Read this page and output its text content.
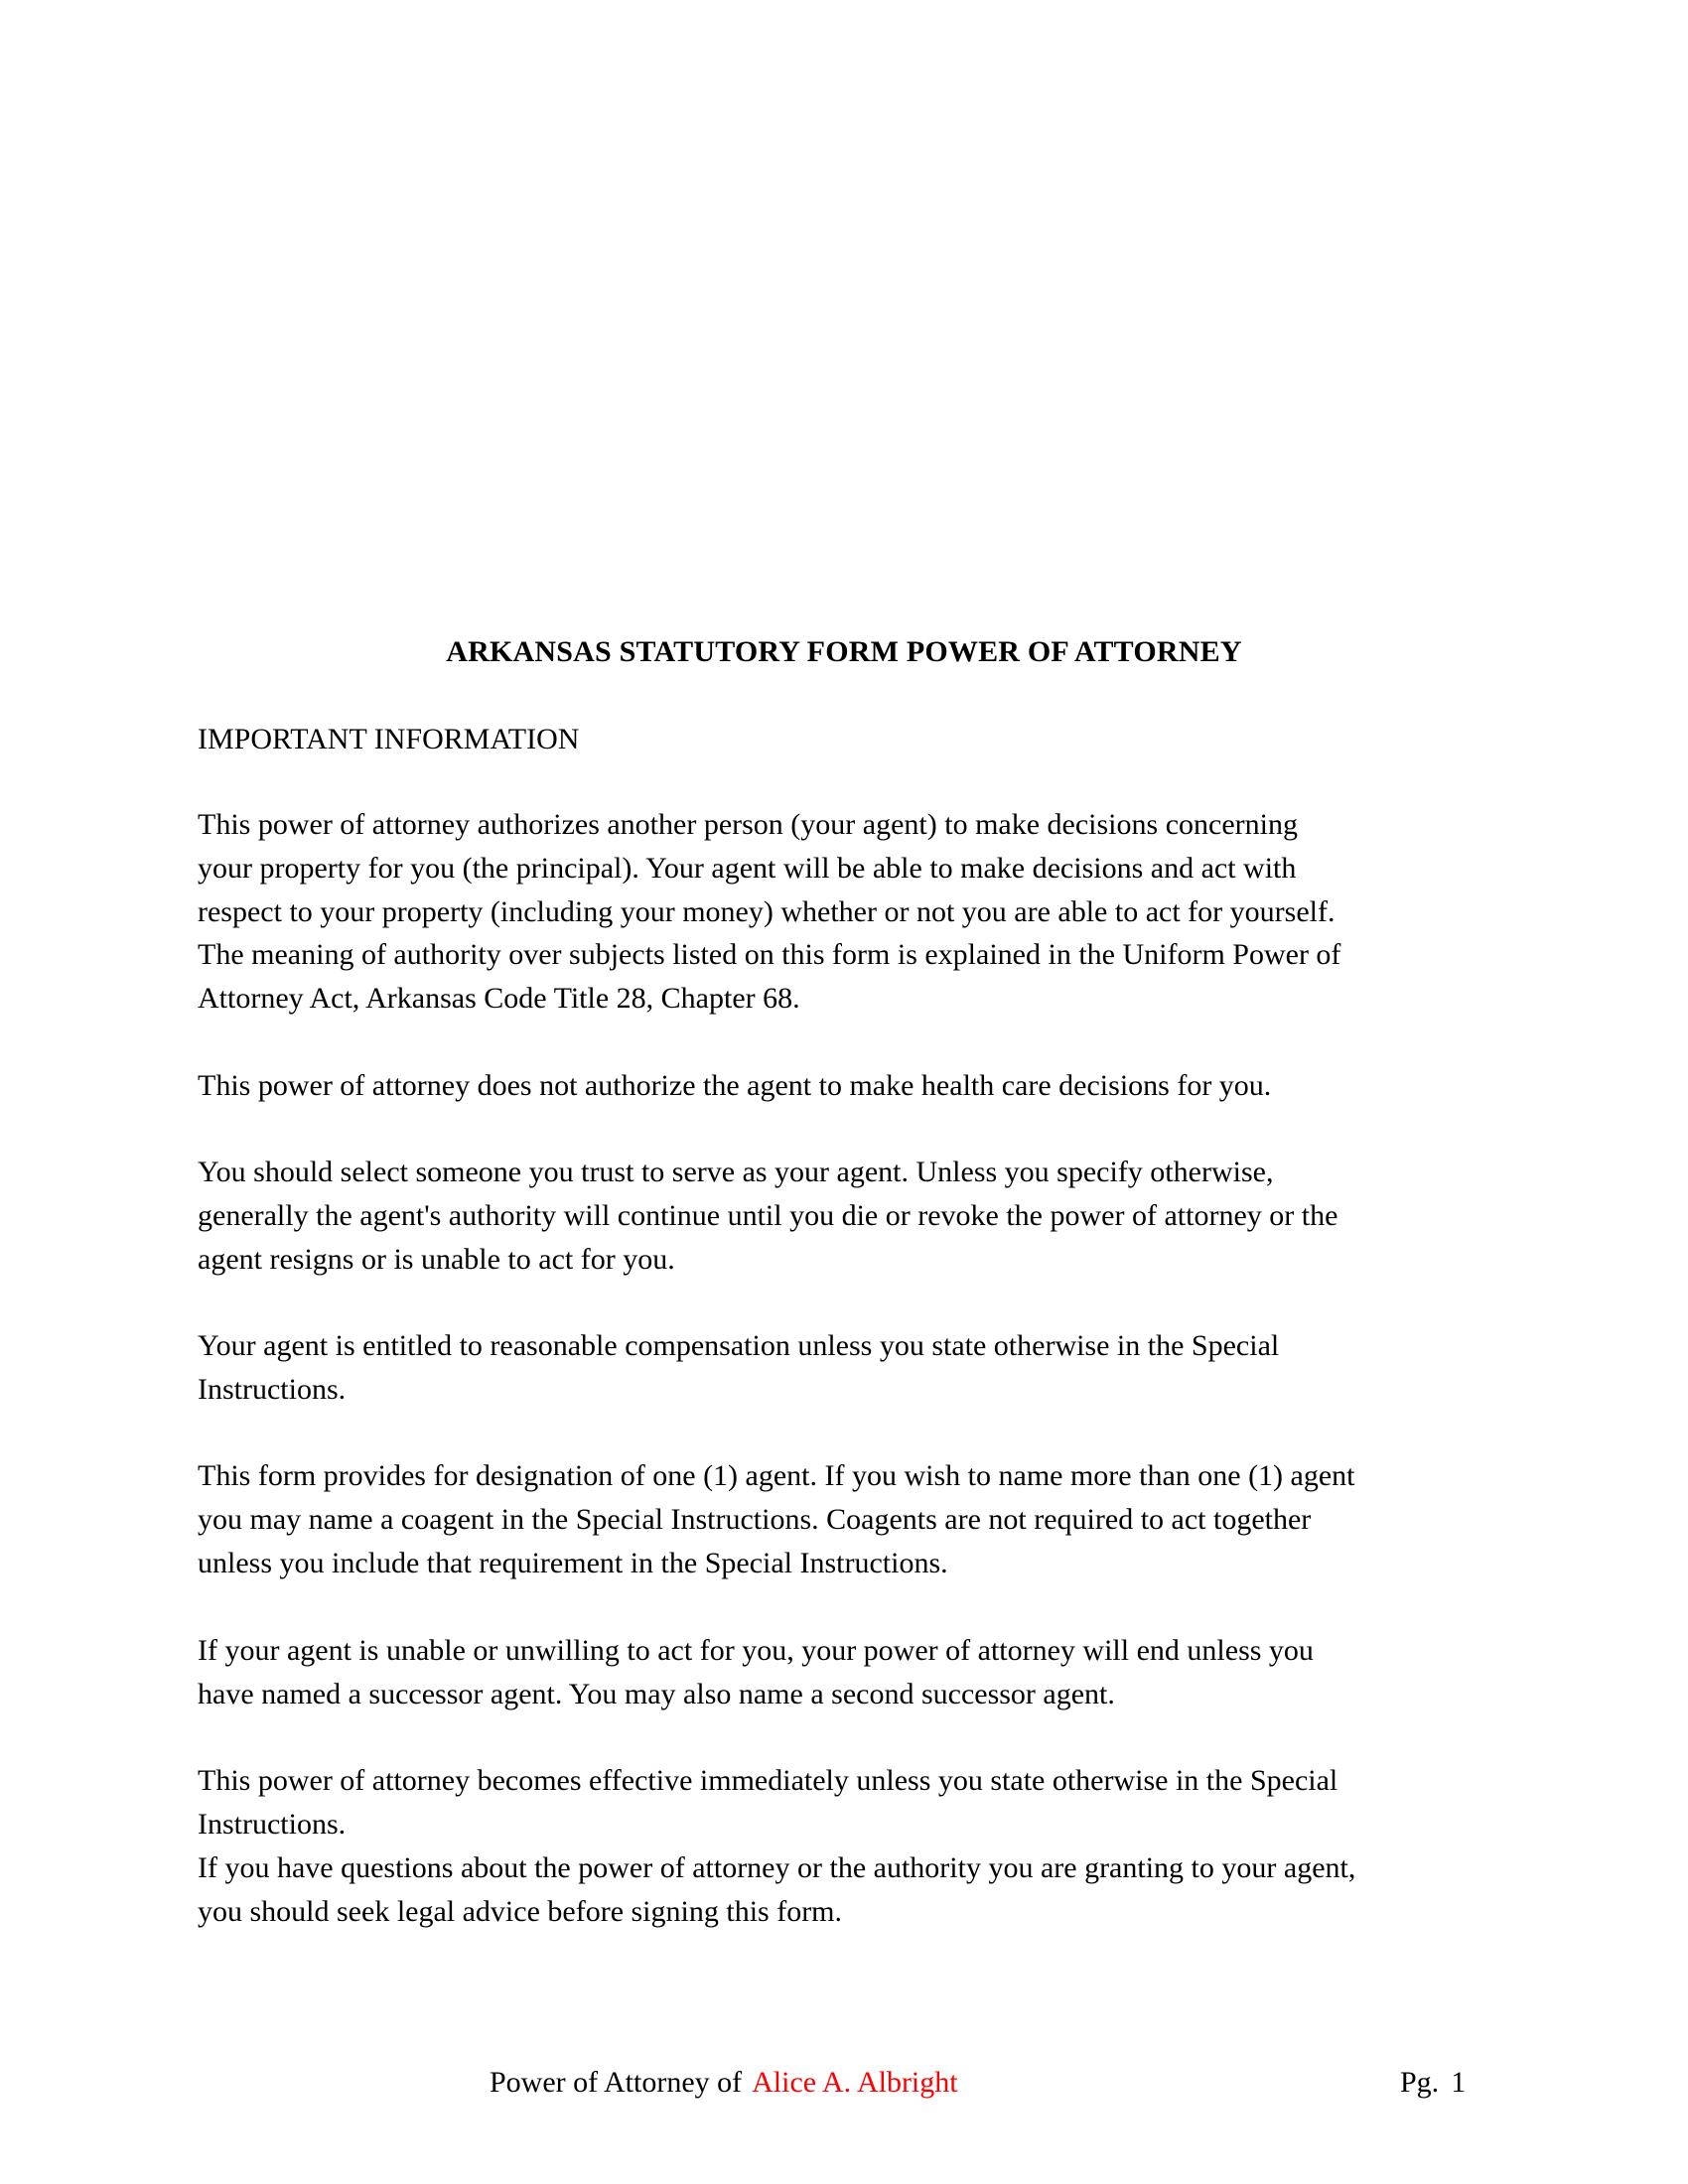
ARKANSAS STATUTORY FORM POWER OF ATTORNEY
IMPORTANT INFORMATION
This power of attorney authorizes another person (your agent) to make decisions concerning
your property for you (the principal). Your agent will be able to make decisions and act with
respect to your property (including your money) whether or not you are able to act for yourself.
The meaning of authority over subjects listed on this form is explained in the Uniform Power of
Attorney Act, Arkansas Code Title 28, Chapter 68.
This power of attorney does not authorize the agent to make health care decisions for you.
You should select someone you trust to serve as your agent. Unless you specify otherwise,
generally the agent's authority will continue until you die or revoke the power of attorney or the
agent resigns or is unable to act for you.
Your agent is entitled to reasonable compensation unless you state otherwise in the Special
Instructions.
This form provides for designation of one (1) agent. If you wish to name more than one (1) agent
you may name a coagent in the Special Instructions. Coagents are not required to act together
unless you include that requirement in the Special Instructions.
If your agent is unable or unwilling to act for you, your power of attorney will end unless you
have named a successor agent. You may also name a second successor agent.
This power of attorney becomes effective immediately unless you state otherwise in the Special
Instructions.
If you have questions about the power of attorney or the authority you are granting to your agent,
you should seek legal advice before signing this form.
Power of Attorney of Alice A. Albright	Pg. 1
